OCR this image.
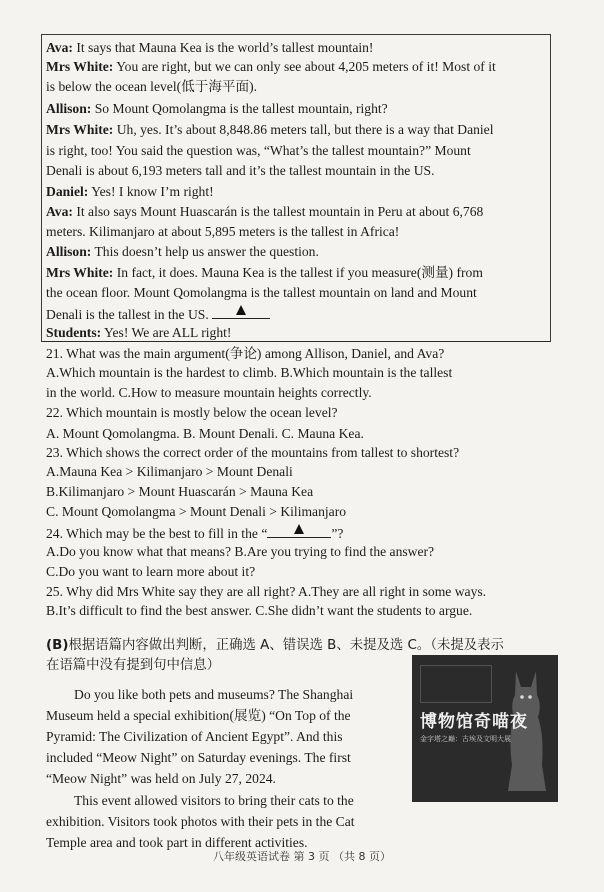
Ava: It says that Mauna Kea is the world’s tallest mountain!
Mrs White: You are right, but we can only see about 4,205 meters of it! Most of it
is below the ocean level(低于海平面).
Allison: So Mount Qomolangma is the tallest mountain, right?
Mrs White: Uh, yes. It’s about 8,848.86 meters tall, but there is a way that Daniel
is right, too! You said the question was, “What’s the tallest mountain?” Mount
Denali is about 6,193 meters tall and it’s the tallest mountain in the US.
Daniel: Yes! I know I’m right!
Ava: It also says Mount Huascarán is the tallest mountain in Peru at about 6,768
meters. Kilimanjaro at about 5,895 meters is the tallest in Africa!
Allison: This doesn’t help us answer the question.
Mrs White: In fact, it does. Mauna Kea is the tallest if you measure(测量) from
the ocean floor. Mount Qomolangma is the tallest mountain on land and Mount
Denali is the tallest in the US.
Students: Yes! We are ALL right!
21. What was the main argument(争论) among Allison, Daniel, and Ava?
A.Which mountain is the hardest to climb. B.Which mountain is the tallest
in the world. C.How to measure mountain heights correctly.
22. Which mountain is mostly below the ocean level?
A. Mount Qomolangma. B. Mount Denali. C. Mauna Kea.
23. Which shows the correct order of the mountains from tallest to shortest?
A.Mauna Kea > Kilimanjaro > Mount Denali
B.Kilimanjaro > Mount Huascarán > Mauna Kea
C. Mount Qomolangma > Mount Denali > Kilimanjaro
24. Which may be the best to fill in the “	”?
A.Do you know what that means? B.Are you trying to find the answer?
C.Do you want to learn more about it?
25. Why did Mrs White say they are all right? A.They are all right in some ways.
B.It’s difficult to find the best answer. C.She didn’t want the students to argue.
(B)根据语篇内容做出判断，正确选 A、错误选 B、未提及选 C。（未提及表示
在语篇中没有提到句中信息）
Do you like both pets and museums? The Shanghai
Museum held a special exhibition(展览) “On Top of the
Pyramid: The Civilization of Ancient Egypt”. And this
included “Meow Night” on Saturday evenings. The first
“Meow Night” was held on July 27, 2024.
This event allowed visitors to bring their cats to the
exhibition. Visitors took photos with their pets in the Cat
Temple area and took part in different activities.
博物馆奇喵夜
金字塔之巅：古埃及文明大展
八年级英语试卷 第 3 页 （共 8 页）
